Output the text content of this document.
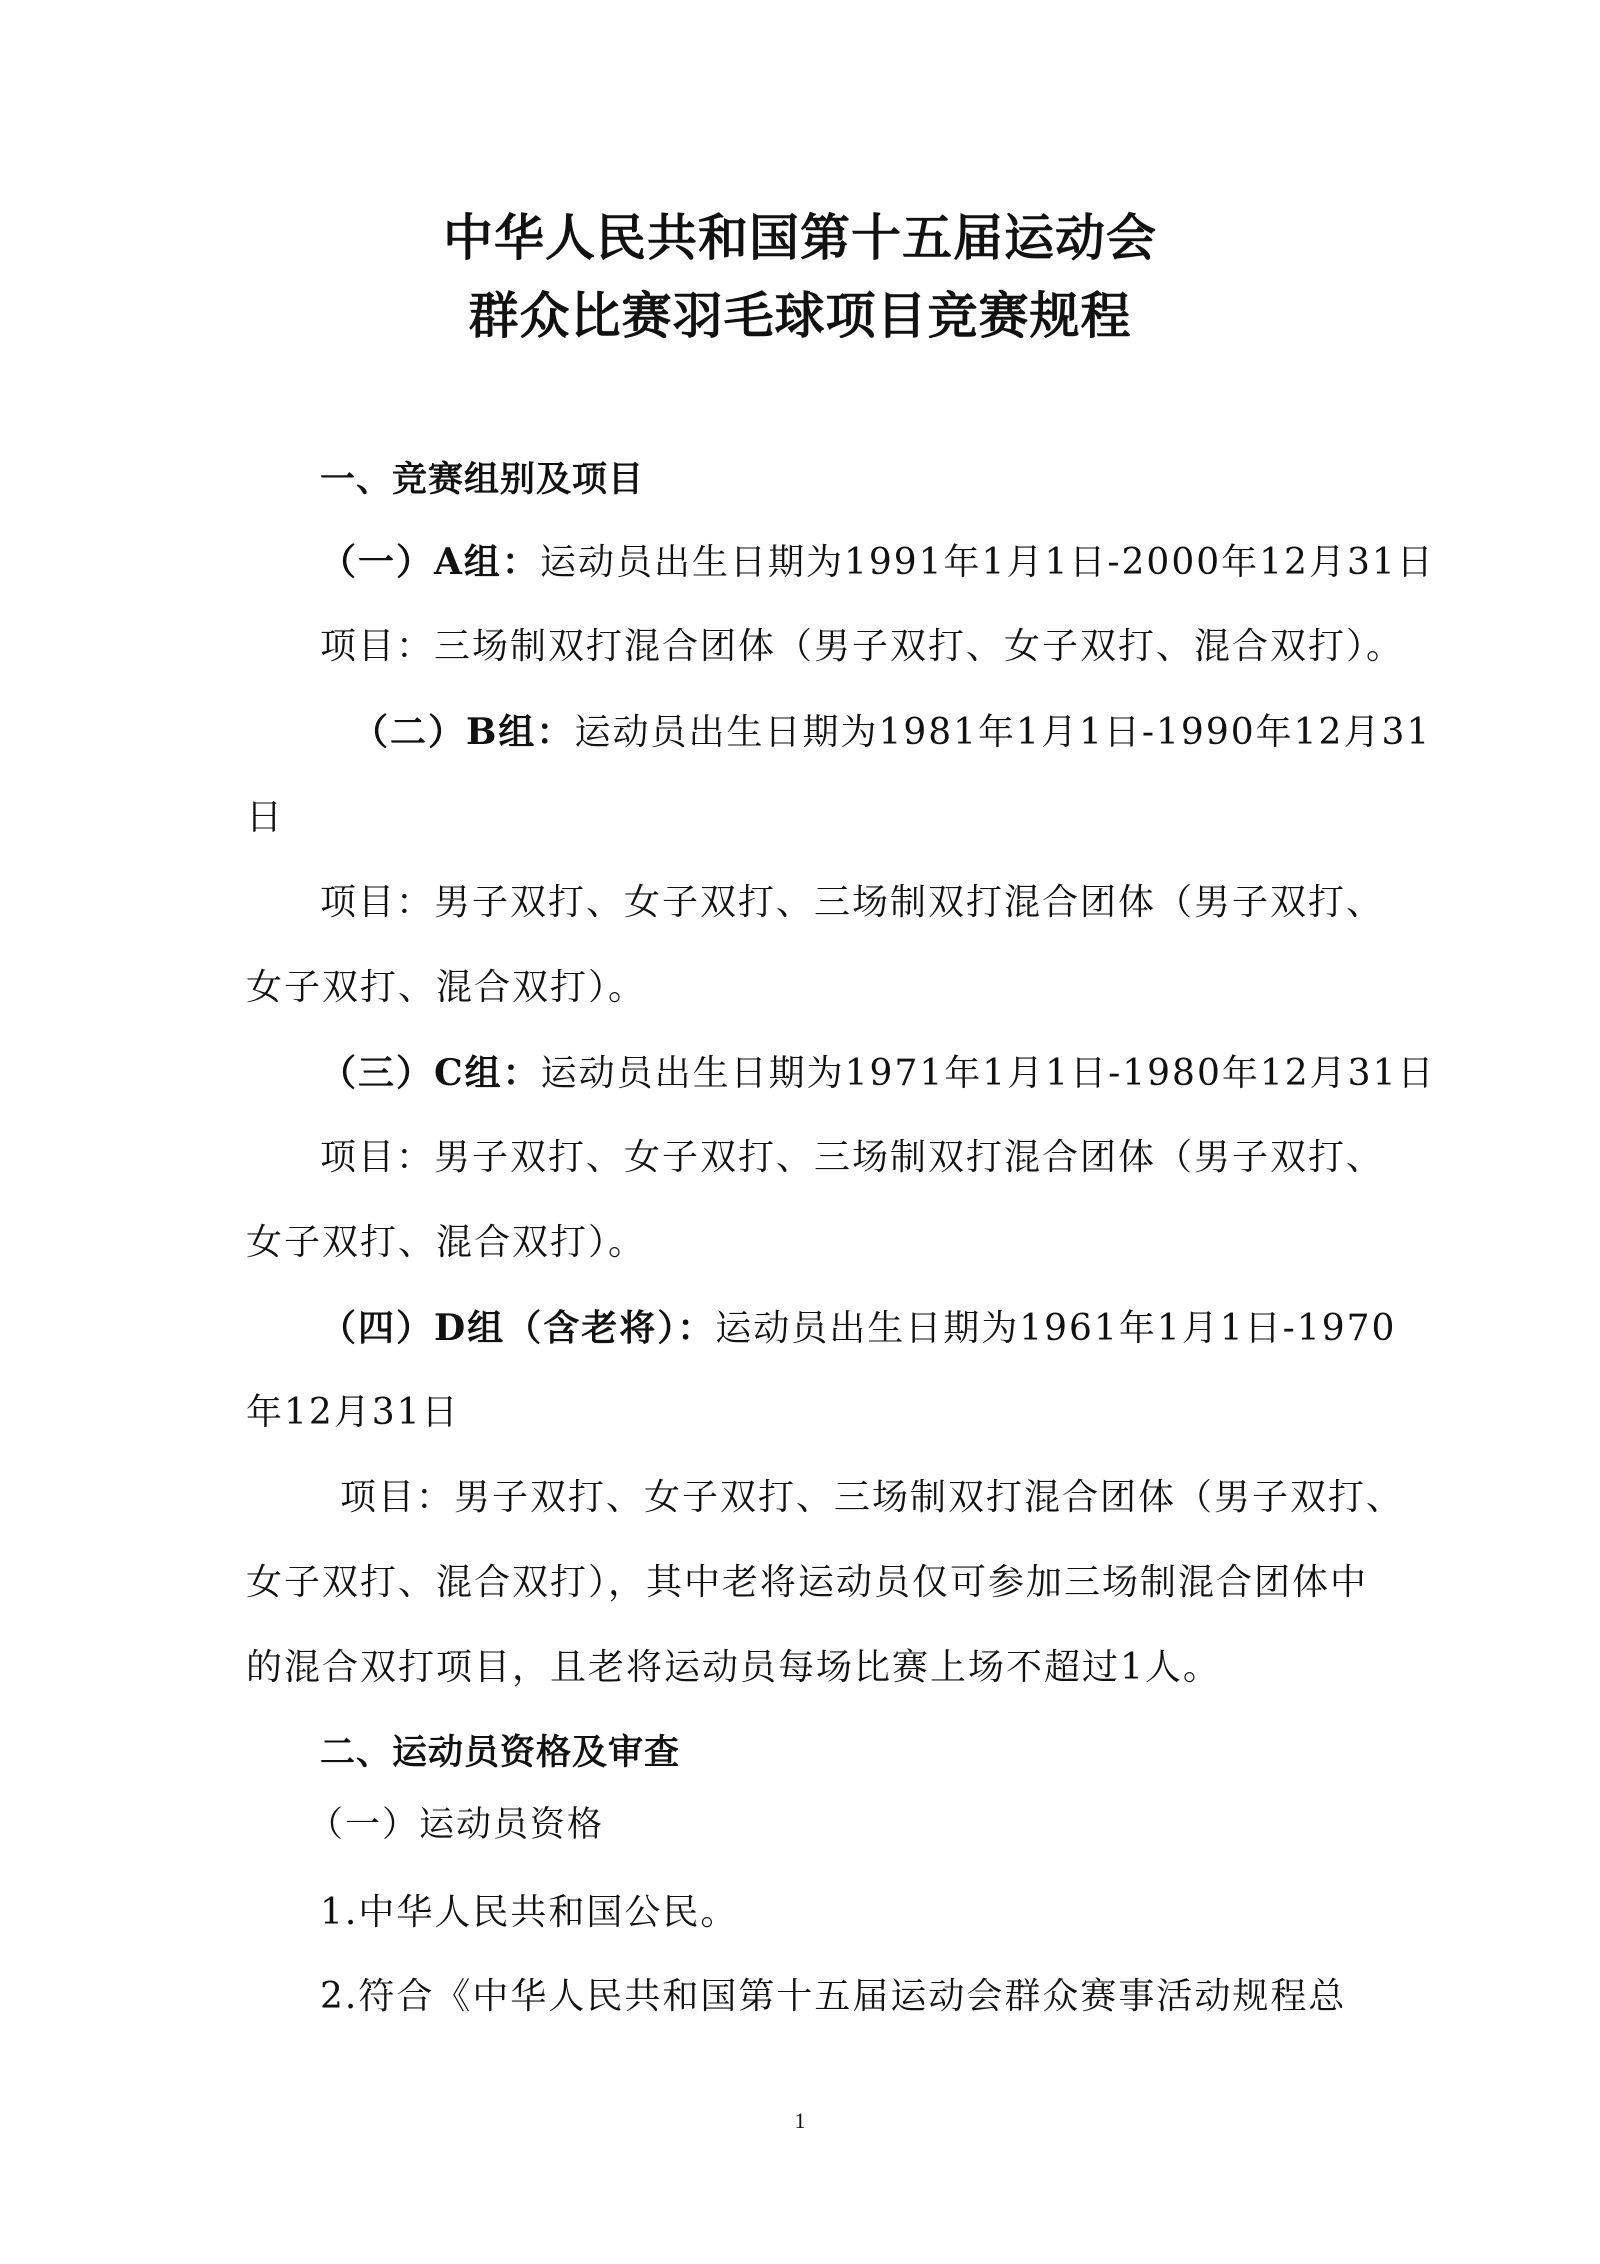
中华人民共和国第十五届运动会
群众比赛羽毛球项目竞赛规程
一、竞赛组别及项目
（一）A组：运动员出生日期为1991年1月1日-2000年12月31日
项目：三场制双打混合团体（男子双打、女子双打、混合双打）。
（二）B组：运动员出生日期为1981年1月1日-1990年12月31
日
项目：男子双打、女子双打、三场制双打混合团体（男子双打、
女子双打、混合双打）。
（三）C组：运动员出生日期为1971年1月1日-1980年12月31日
项目：男子双打、女子双打、三场制双打混合团体（男子双打、
女子双打、混合双打）。
（四）D组（含老将）：运动员出生日期为1961年1月1日-1970
年12月31日
项目：男子双打、女子双打、三场制双打混合团体（男子双打、
女子双打、混合双打），其中老将运动员仅可参加三场制混合团体中
的混合双打项目，且老将运动员每场比赛上场不超过1人。
二、运动员资格及审查
（一）运动员资格
1.中华人民共和国公民。
2.符合《中华人民共和国第十五届运动会群众赛事活动规程总
1
